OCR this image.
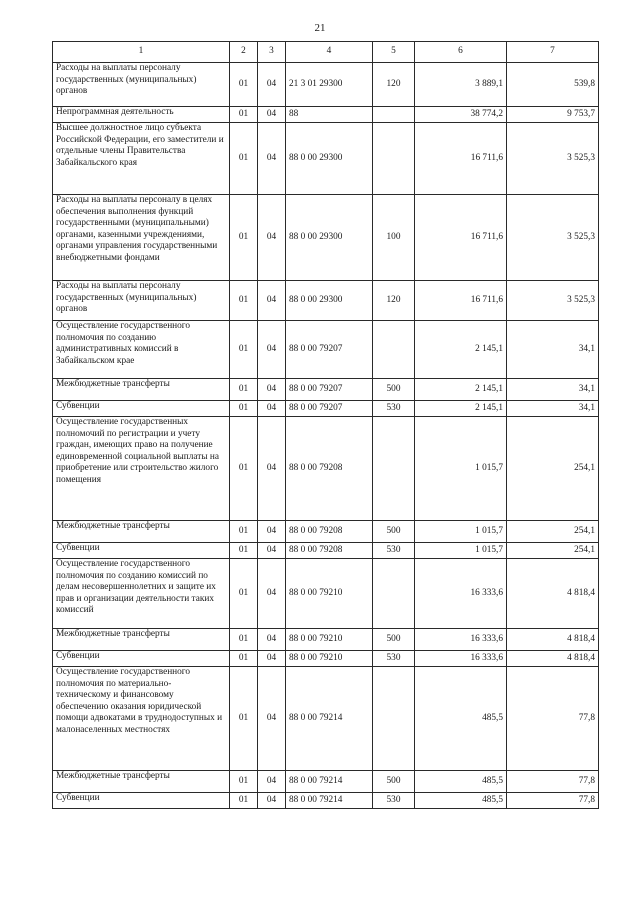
21
1	2	3	4	5	6	7
Расходы на выплаты персоналу государственных (муниципальных) органов	01	04	21 3 01 29300	120	3 889,1	539,8
Непрограммная деятельность	01	04	88		38 774,2	9 753,7
Высшее должностное лицо субъекта Российской Федерации, его заместители и отдельные члены Правительства Забайкальского края	01	04	88 0 00 29300		16 711,6	3 525,3
Расходы на выплаты персоналу в целях обеспечения выполнения функций государственными (муниципальными) органами, казенными учреждениями, органами управления государственными внебюджетными фондами	01	04	88 0 00 29300	100	16 711,6	3 525,3
Расходы на выплаты персоналу государственных (муниципальных) органов	01	04	88 0 00 29300	120	16 711,6	3 525,3
Осуществление государственного полномочия по созданию административных комиссий в Забайкальском крае	01	04	88 0 00 79207		2 145,1	34,1
Межбюджетные трансферты	01	04	88 0 00 79207	500	2 145,1	34,1
Субвенции	01	04	88 0 00 79207	530	2 145,1	34,1
Осуществление государственных полномочий по регистрации и учету граждан, имеющих право на получение единовременной социальной выплаты на приобретение или строительство жилого помещения	01	04	88 0 00 79208		1 015,7	254,1
Межбюджетные трансферты	01	04	88 0 00 79208	500	1 015,7	254,1
Субвенции	01	04	88 0 00 79208	530	1 015,7	254,1
Осуществление государственного полномочия по созданию комиссий по делам несовершеннолетних и защите их прав и организации деятельности таких комиссий	01	04	88 0 00 79210		16 333,6	4 818,4
Межбюджетные трансферты	01	04	88 0 00 79210	500	16 333,6	4 818,4
Субвенции	01	04	88 0 00 79210	530	16 333,6	4 818,4
Осуществление государственного полномочия по материально-техническому и финансовому обеспечению оказания юридической помощи адвокатами в труднодоступных и малонаселенных местностях	01	04	88 0 00 79214		485,5	77,8
Межбюджетные трансферты	01	04	88 0 00 79214	500	485,5	77,8
Субвенции	01	04	88 0 00 79214	530	485,5	77,8
